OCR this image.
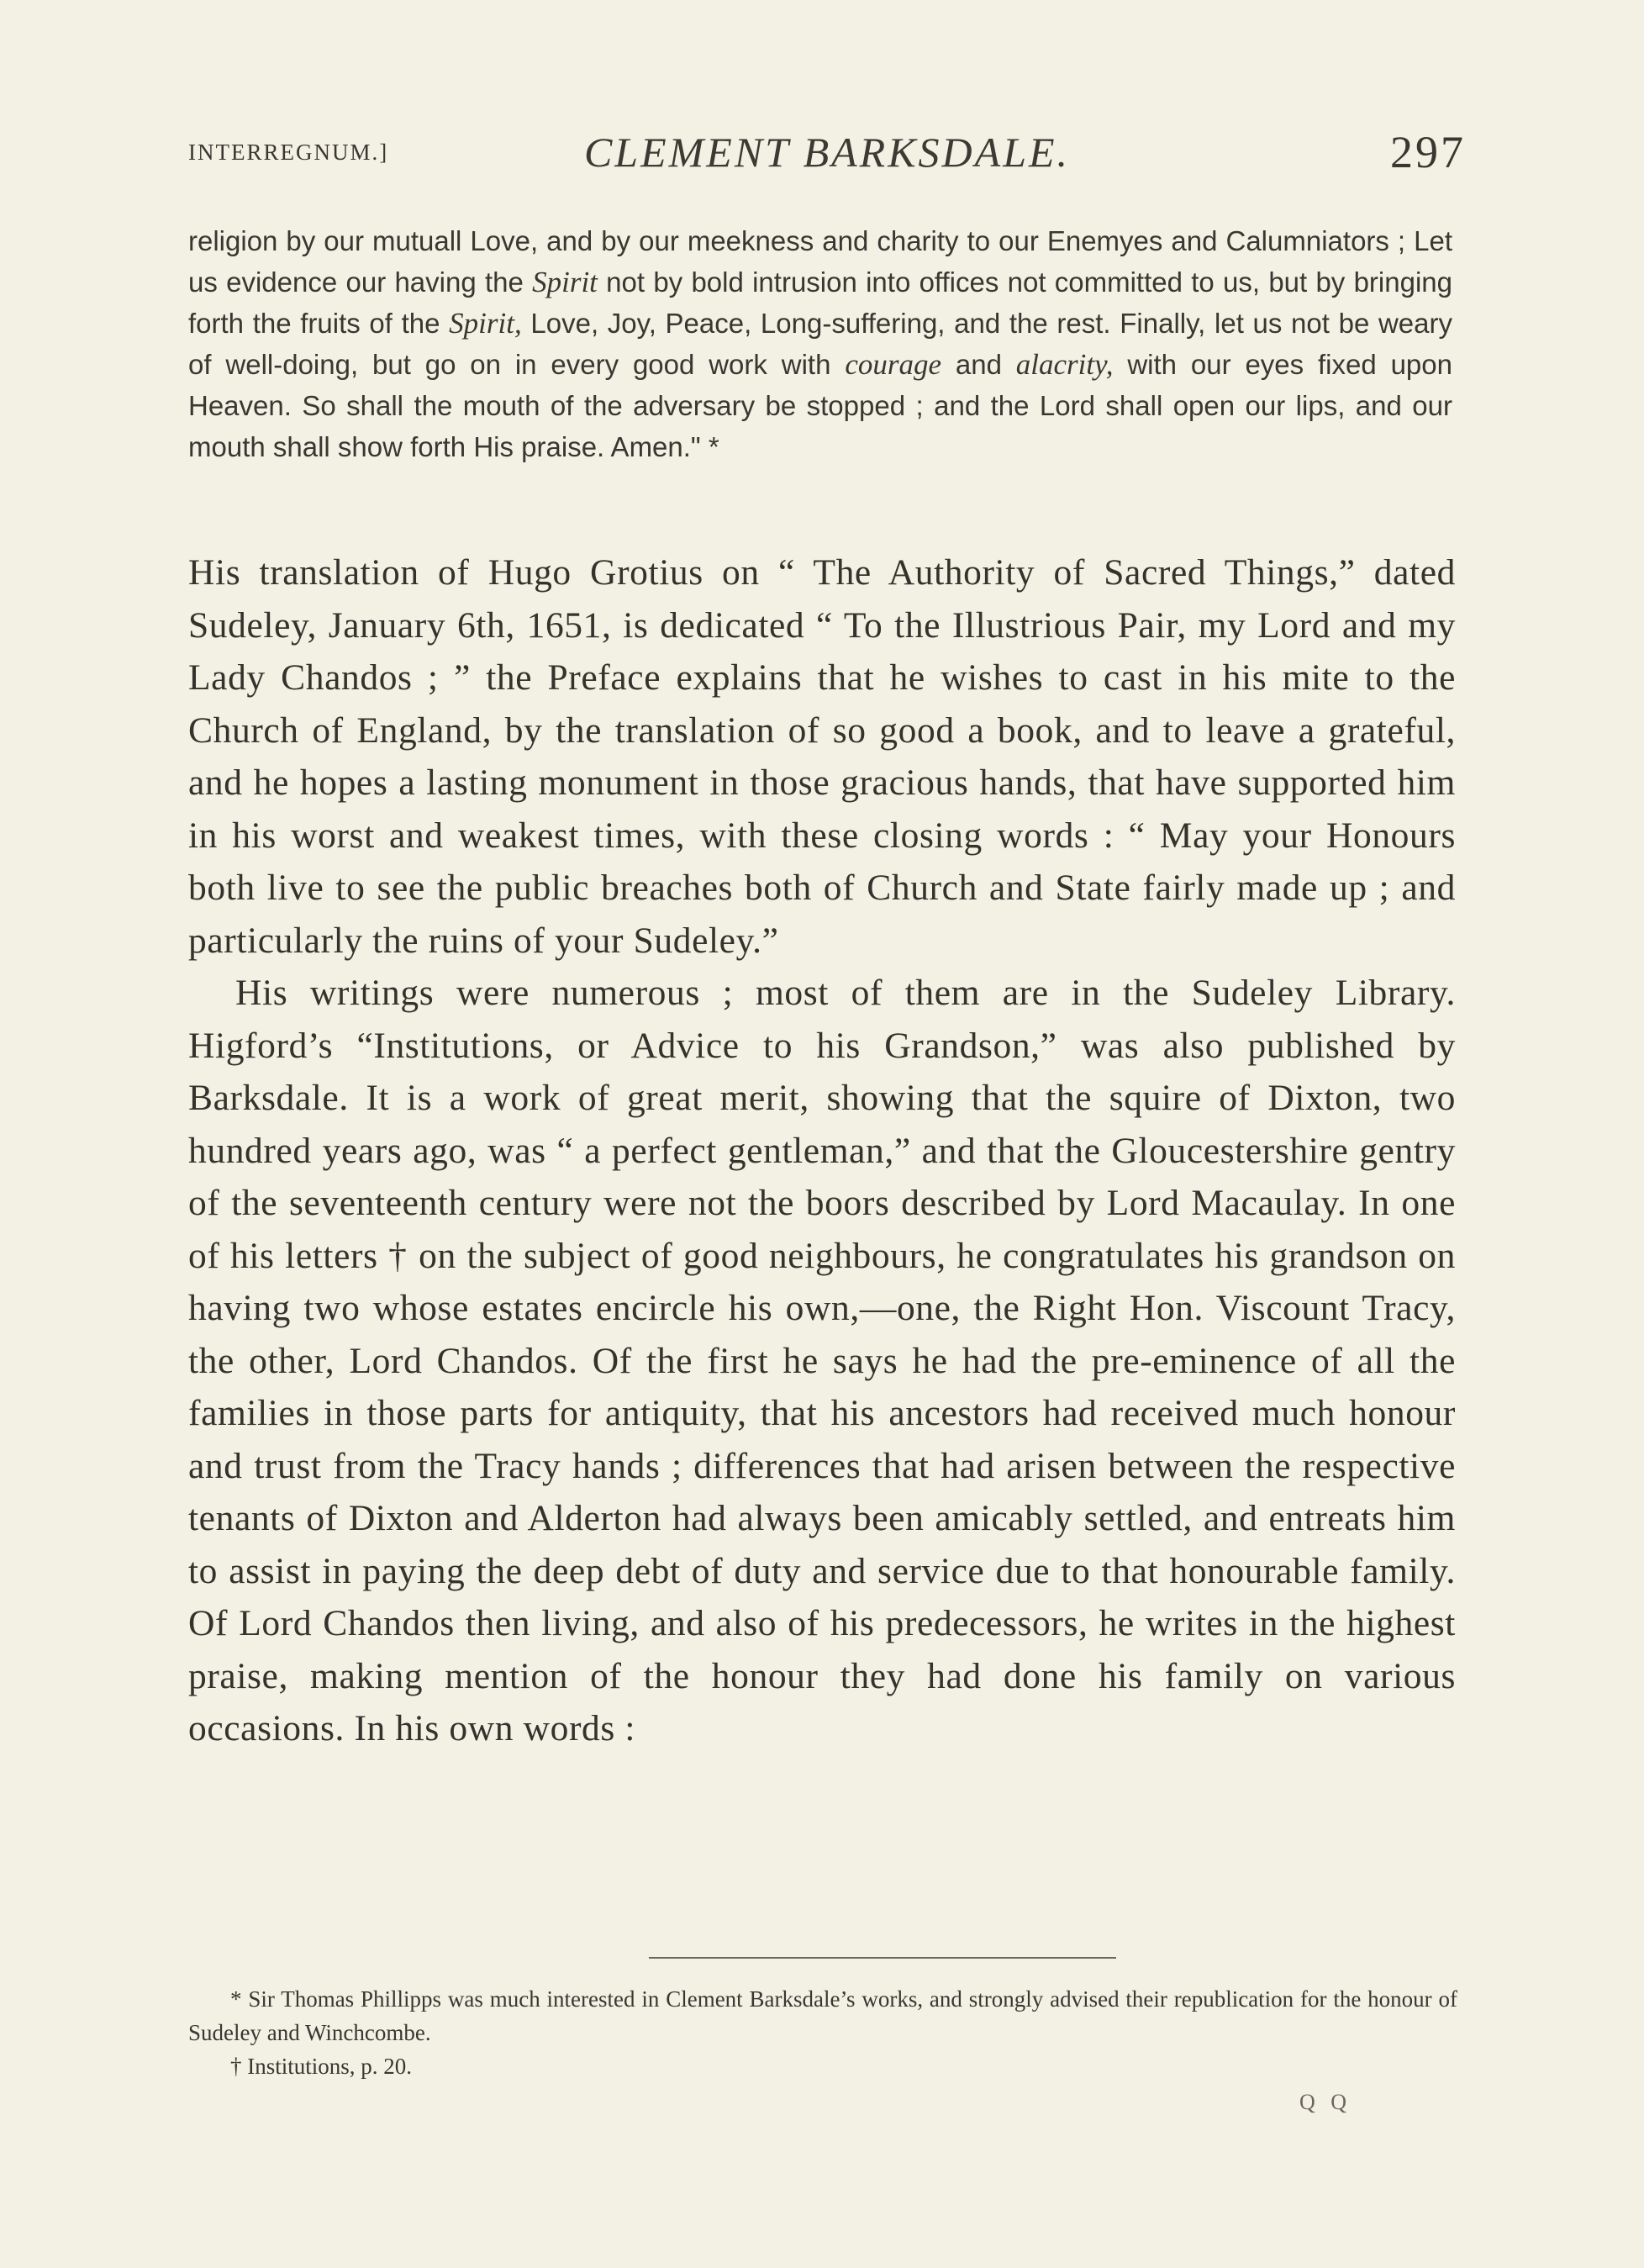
INTERREGNUM.]	CLEMENT BARKSDALE.	297

religion by our mutuall Love, and by our meekness and charity to our Enemyes and Calumniators ; Let us evidence our having the Spirit not by bold intrusion into offices not committed to us, but by bringing forth the fruits of the Spirit, Love, Joy, Peace, Long-suffering, and the rest. Finally, let us not be weary of well-doing, but go on in every good work with courage and alacrity, with our eyes fixed upon Heaven. So shall the mouth of the adversary be stopped ; and the Lord shall open our lips, and our mouth shall show forth His praise. Amen." *

His translation of Hugo Grotius on “ The Authority of Sacred Things,” dated Sudeley, January 6th, 1651, is dedicated “ To the Illustrious Pair, my Lord and my Lady Chandos ; ” the Preface explains that he wishes to cast in his mite to the Church of England, by the translation of so good a book, and to leave a grateful, and he hopes a lasting monument in those gracious hands, that have supported him in his worst and weakest times, with these closing words : “ May your Honours both live to see the public breaches both of Church and State fairly made up ; and particularly the ruins of your Sudeley.”

His writings were numerous ; most of them are in the Sudeley Library. Higford’s “Institutions, or Advice to his Grandson,” was also published by Barksdale. It is a work of great merit, showing that the squire of Dixton, two hundred years ago, was “ a perfect gentleman,” and that the Gloucestershire gentry of the seventeenth century were not the boors described by Lord Macaulay. In one of his letters † on the subject of good neighbours, he congratulates his grandson on having two whose estates encircle his own,—one, the Right Hon. Viscount Tracy, the other, Lord Chandos. Of the first he says he had the pre-eminence of all the families in those parts for antiquity, that his ancestors had received much honour and trust from the Tracy hands ; differences that had arisen between the respective tenants of Dixton and Alderton had always been amicably settled, and entreats him to assist in paying the deep debt of duty and service due to that honourable family. Of Lord Chandos then living, and also of his predecessors, he writes in the highest praise, making mention of the honour they had done his family on various occasions. In his own words :

* Sir Thomas Phillipps was much interested in Clement Barksdale’s works, and strongly advised their republication for the honour of Sudeley and Winchcombe.

† Institutions, p. 20.

Q Q
